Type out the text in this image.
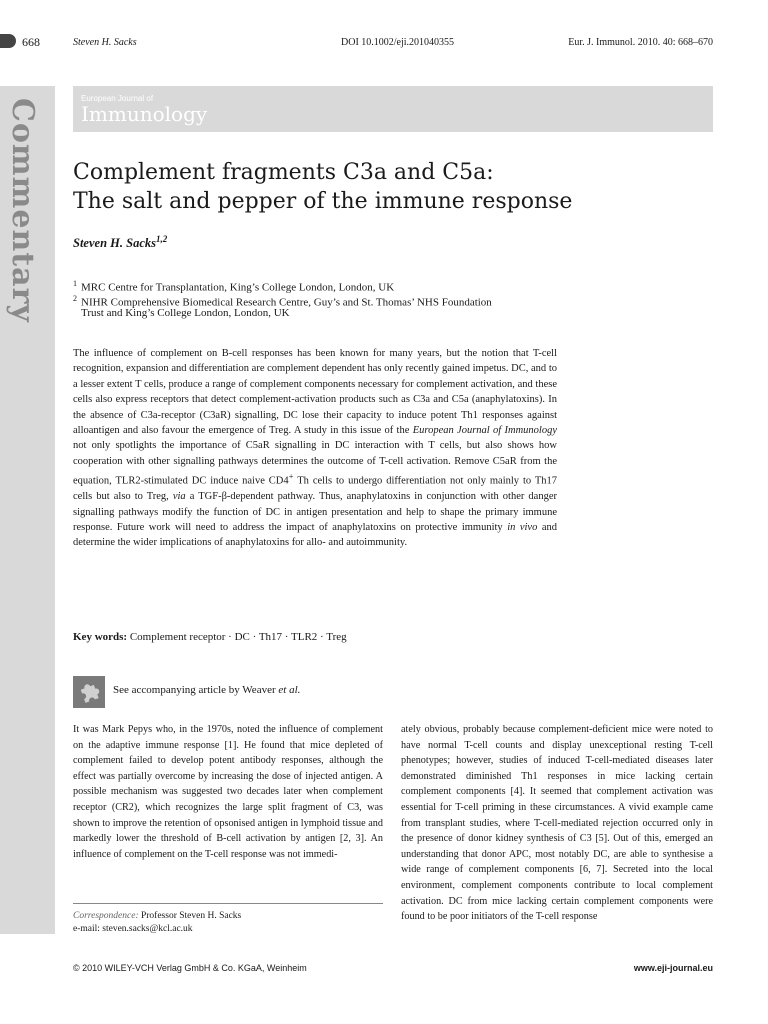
668	Steven H. Sacks	DOI 10.1002/eji.201040355	Eur. J. Immunol. 2010. 40: 668–670
Commentary	European Journal of
Immunology
Complement fragments C3a and C5a:
The salt and pepper of the immune response
Steven H. Sacks$^{1,2}$
$^1$ MRC Centre for Transplantation, King’s College London, London, UK
$^2$ NIHR Comprehensive Biomedical Research Centre, Guy’s and St. Thomas’ NHS Foundation
Trust and King’s College London, London, UK
The influence of complement on B-cell responses has been known for many years, but the notion that T-cell recognition, expansion and differentiation are complement dependent has only recently gained impetus. DC, and to a lesser extent T cells, produce a range of complement components necessary for complement activation, and these cells also express receptors that detect complement-activation products such as C3a and C5a (anaphylatoxins). In the absence of C3a-receptor (C3aR) signalling, DC lose their capacity to induce potent Th1 responses against alloantigen and also favour the emergence of Treg. A study in this issue of the European Journal of Immunology not only spotlights the importance of C5aR signalling in DC interaction with T cells, but also shows how cooperation with other signalling pathways determines the outcome of T-cell activation. Remove C5aR from the equation, TLR2-stimulated DC induce naive CD4+ Th cells to undergo differentiation not only mainly to Th17 cells but also to Treg, via a TGF-β-dependent pathway. Thus, anaphylatoxins in conjunction with other danger signalling pathways modify the function of DC in antigen presentation and help to shape the primary immune response. Future work will need to address the impact of anaphylatoxins on protective immunity in vivo and determine the wider implications of anaphylatoxins for allo- and autoimmunity.
Key words: Complement receptor · DC · Th17 · TLR2 · Treg
See accompanying article by Weaver et al.
It was Mark Pepys who, in the 1970s, noted the influence of complement on the adaptive immune response [1]. He found that mice depleted of complement failed to develop potent antibody responses, although the effect was partially overcome by increasing the dose of injected antigen. A possible mechanism was suggested two decades later when complement receptor (CR2), which recognizes the large split fragment of C3, was shown to improve the retention of opsonised antigen in lymphoid tissue and markedly lower the threshold of B-cell activation by antigen [2, 3]. An influence of complement on the T-cell response was not immedi-
ately obvious, probably because complement-deficient mice were noted to have normal T-cell counts and display unexceptional resting T-cell phenotypes; however, studies of induced T-cell-mediated diseases later demonstrated diminished Th1 responses in mice lacking certain complement components [4]. It seemed that complement activation was essential for T-cell priming in these circumstances. A vivid example came from transplant studies, where T-cell-mediated rejection occurred only in the presence of donor kidney synthesis of C3 [5]. Out of this, emerged an understanding that donor APC, most notably DC, are able to synthesise a wide range of complement components [6, 7]. Secreted into the local environment, complement components contribute to local complement activation. DC from mice lacking certain complement components were found to be poor initiators of the T-cell response
Correspondence: Professor Steven H. Sacks
e-mail: steven.sacks@kcl.ac.uk
© 2010 WILEY-VCH Verlag GmbH & Co. KGaA, Weinheim	www.eji-journal.eu
